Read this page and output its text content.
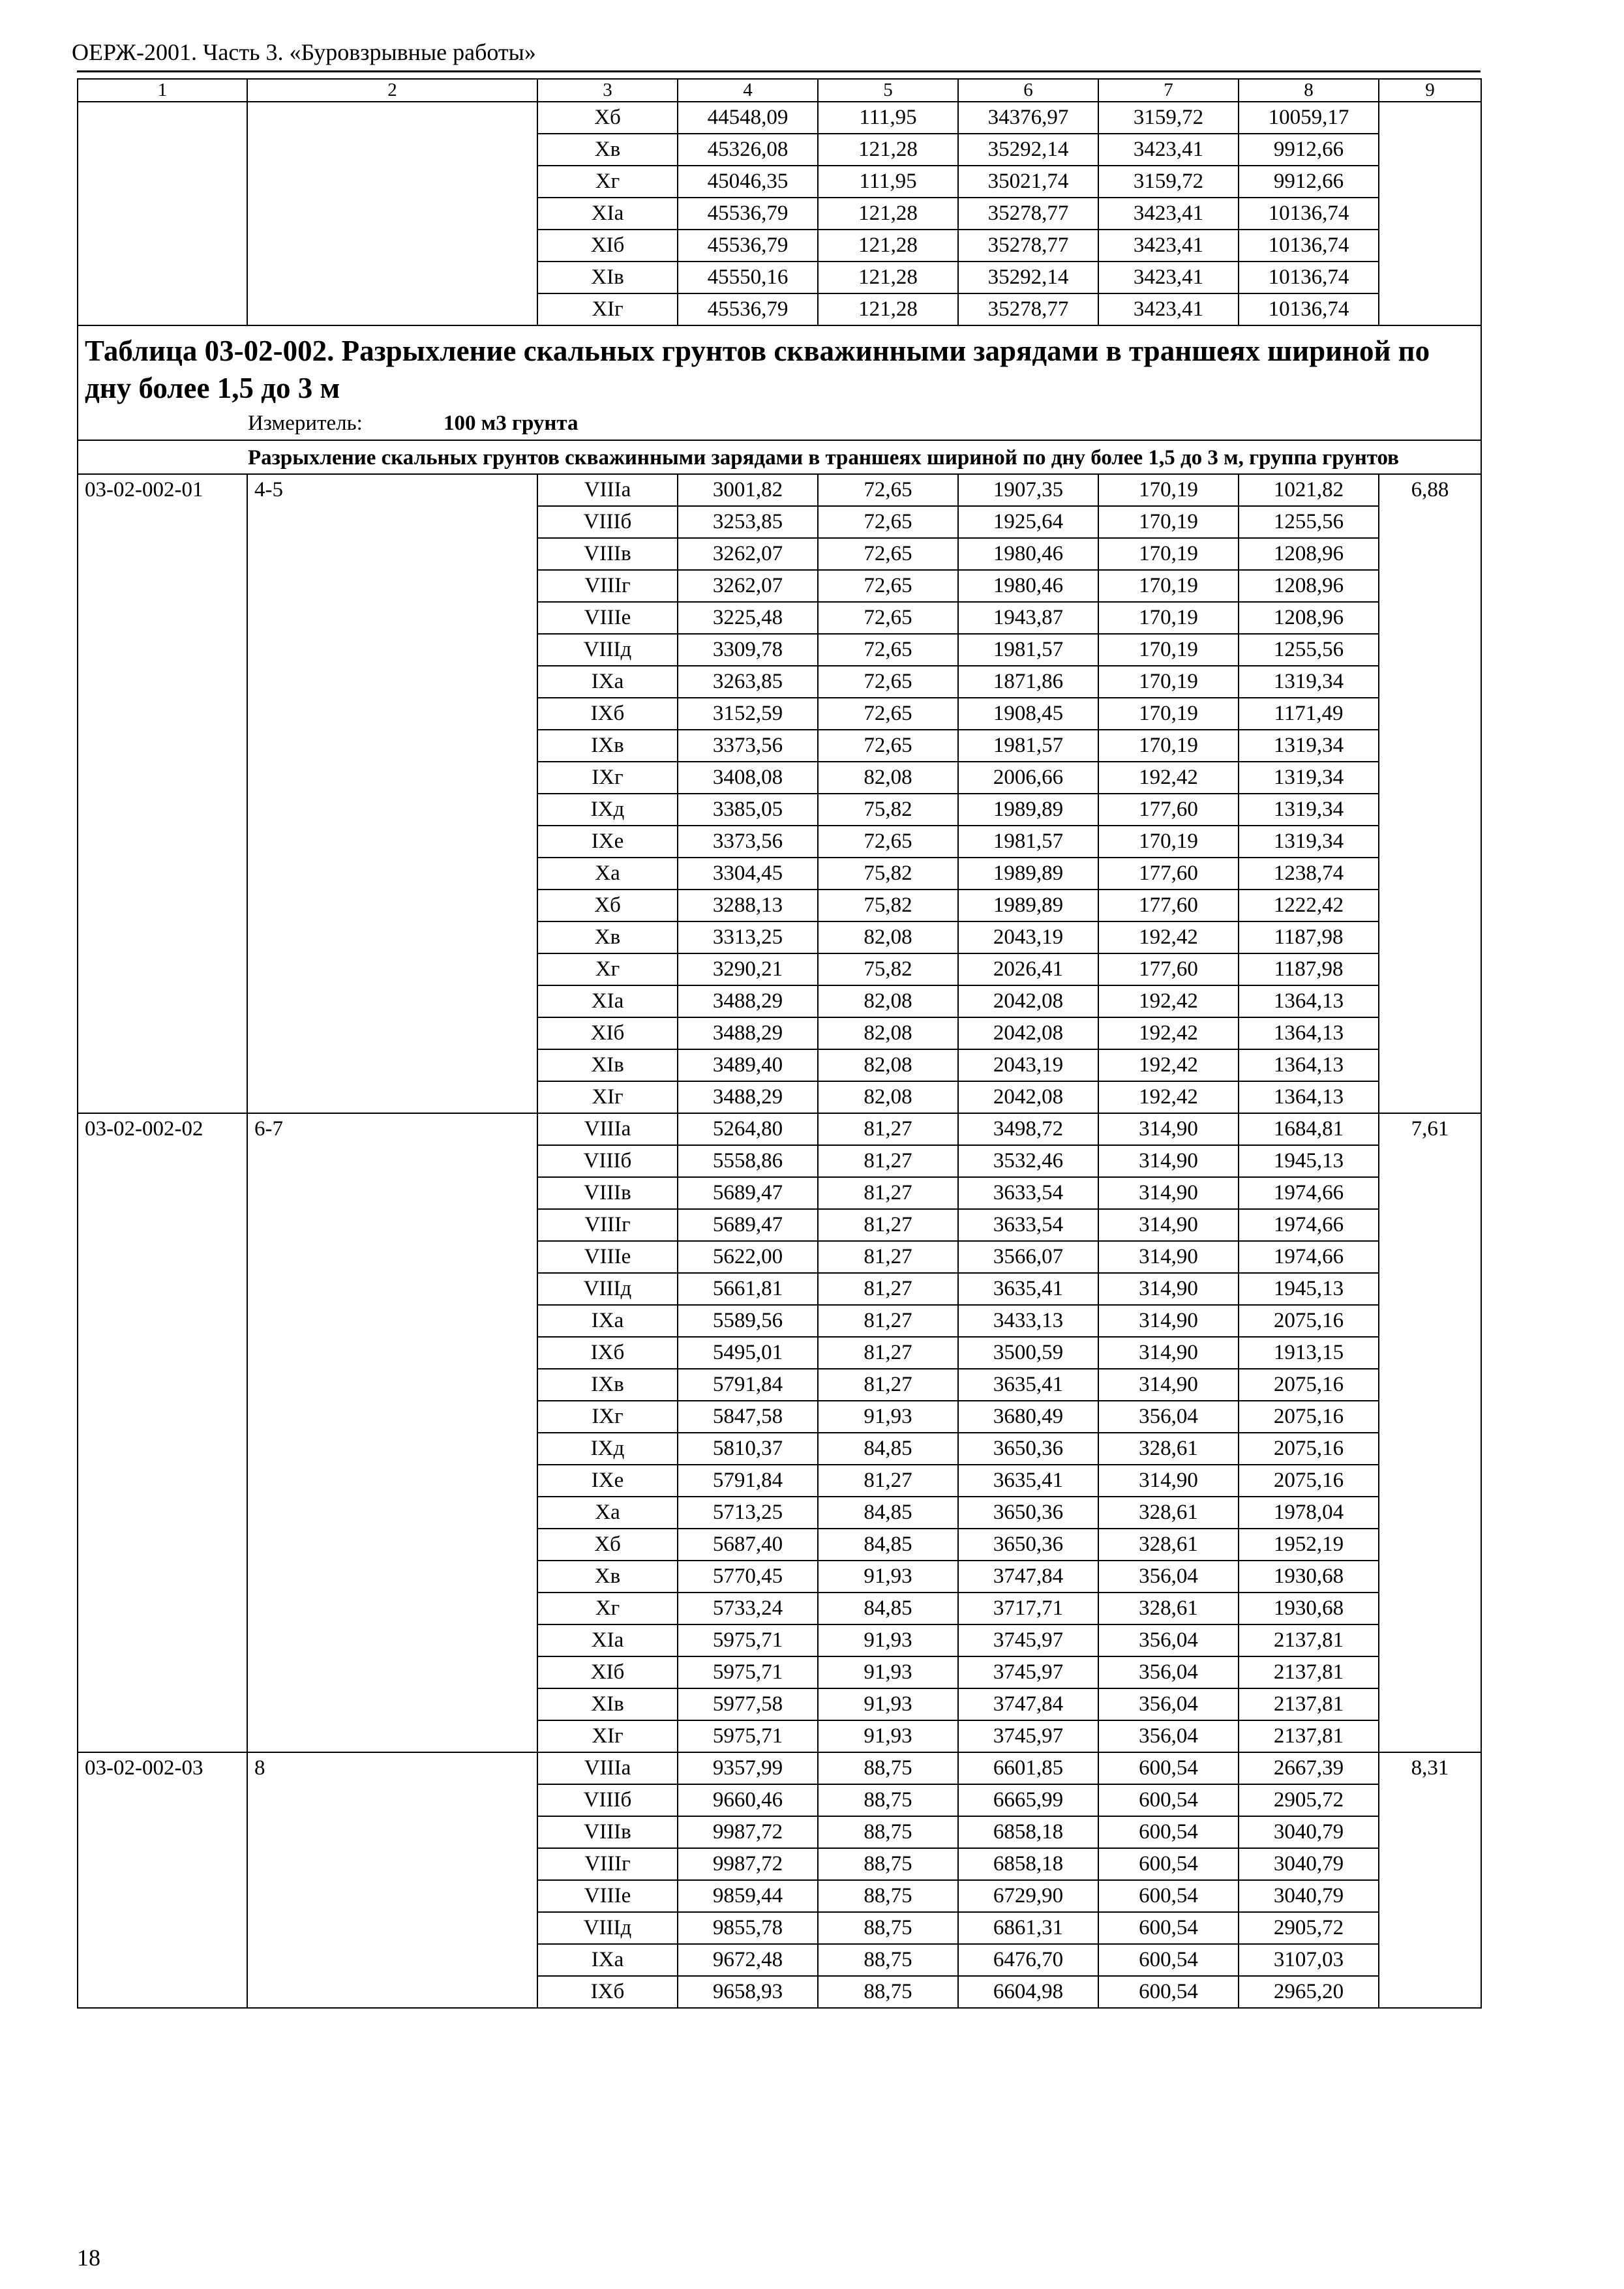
ОЕРЖ-2001. Часть 3. «Буровзрывные работы»
1	2	3	4	5	6	7	8	9
		Xб	44548,09	111,95	34376,97	3159,72	10059,17	
		Xв	45326,08	121,28	35292,14	3423,41	9912,66	
		Xг	45046,35	111,95	35021,74	3159,72	9912,66	
		XIа	45536,79	121,28	35278,77	3423,41	10136,74	
		XIб	45536,79	121,28	35278,77	3423,41	10136,74	
		XIв	45550,16	121,28	35292,14	3423,41	10136,74	
		XIг	45536,79	121,28	35278,77	3423,41	10136,74	

Таблица 03-02-002. Разрыхление скальных грунтов скважинными зарядами в траншеях шириной по дну более 1,5 до 3 м
Измеритель: 100 м3 грунта								

Разрыхление скальных грунтов скважинными зарядами в траншеях шириной по дну более 1,5 до 3 м, группа грунтов								

03-02-002-01	4-5	VIIIа	3001,82	72,65	1907,35	170,19	1021,82	6,88
		VIIIб	3253,85	72,65	1925,64	170,19	1255,56	
		VIIIв	3262,07	72,65	1980,46	170,19	1208,96	
		VIIIг	3262,07	72,65	1980,46	170,19	1208,96	
		VIIIе	3225,48	72,65	1943,87	170,19	1208,96	
		VIIIд	3309,78	72,65	1981,57	170,19	1255,56	
		IXа	3263,85	72,65	1871,86	170,19	1319,34	
		IXб	3152,59	72,65	1908,45	170,19	1171,49	
		IXв	3373,56	72,65	1981,57	170,19	1319,34	
		IXг	3408,08	82,08	2006,66	192,42	1319,34	
		IXд	3385,05	75,82	1989,89	177,60	1319,34	
		IXе	3373,56	72,65	1981,57	170,19	1319,34	
		Xа	3304,45	75,82	1989,89	177,60	1238,74	
		Xб	3288,13	75,82	1989,89	177,60	1222,42	
		Xв	3313,25	82,08	2043,19	192,42	1187,98	
		Xг	3290,21	75,82	2026,41	177,60	1187,98	
		XIа	3488,29	82,08	2042,08	192,42	1364,13	
		XIб	3488,29	82,08	2042,08	192,42	1364,13	
		XIв	3489,40	82,08	2043,19	192,42	1364,13	
		XIг	3488,29	82,08	2042,08	192,42	1364,13	
03-02-002-02	6-7	VIIIа	5264,80	81,27	3498,72	314,90	1684,81	7,61
		VIIIб	5558,86	81,27	3532,46	314,90	1945,13	
		VIIIв	5689,47	81,27	3633,54	314,90	1974,66	
		VIIIг	5689,47	81,27	3633,54	314,90	1974,66	
		VIIIе	5622,00	81,27	3566,07	314,90	1974,66	
		VIIIд	5661,81	81,27	3635,41	314,90	1945,13	
		IXа	5589,56	81,27	3433,13	314,90	2075,16	
		IXб	5495,01	81,27	3500,59	314,90	1913,15	
		IXв	5791,84	81,27	3635,41	314,90	2075,16	
		IXг	5847,58	91,93	3680,49	356,04	2075,16	
		IXд	5810,37	84,85	3650,36	328,61	2075,16	
		IXе	5791,84	81,27	3635,41	314,90	2075,16	
		Xа	5713,25	84,85	3650,36	328,61	1978,04	
		Xб	5687,40	84,85	3650,36	328,61	1952,19	
		Xв	5770,45	91,93	3747,84	356,04	1930,68	
		Xг	5733,24	84,85	3717,71	328,61	1930,68	
		XIа	5975,71	91,93	3745,97	356,04	2137,81	
		XIб	5975,71	91,93	3745,97	356,04	2137,81	
		XIв	5977,58	91,93	3747,84	356,04	2137,81	
		XIг	5975,71	91,93	3745,97	356,04	2137,81	
03-02-002-03	8	VIIIа	9357,99	88,75	6601,85	600,54	2667,39	8,31
		VIIIб	9660,46	88,75	6665,99	600,54	2905,72	
		VIIIв	9987,72	88,75	6858,18	600,54	3040,79	
		VIIIг	9987,72	88,75	6858,18	600,54	3040,79	
		VIIIе	9859,44	88,75	6729,90	600,54	3040,79	
		VIIIд	9855,78	88,75	6861,31	600,54	2905,72	
		IXа	9672,48	88,75	6476,70	600,54	3107,03	
		IXб	9658,93	88,75	6604,98	600,54	2965,20	
18
